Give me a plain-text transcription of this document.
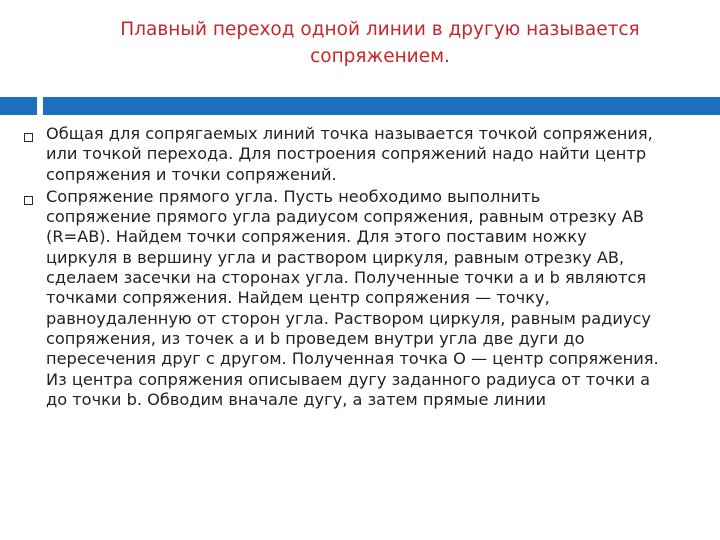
Плавный переход одной линии в другую называется
сопряжением.
Общая для сопрягаемых линий точка называется точкой сопряжения,
или точкой перехода. Для построения сопряжений надо найти центр
сопряжения и точки сопряжений.
Сопряжение прямого угла. Пусть необходимо выполнить
сопряжение прямого угла радиусом сопряжения, равным отрезку AB
(R=AB). Найдем точки сопряжения. Для этого поставим ножку
циркуля в вершину угла и раствором циркуля, равным отрезку AB,
сделаем засечки на сторонах угла. Полученные точки a и b являются
точками сопряжения. Найдем центр сопряжения — точку,
равноудаленную от сторон угла. Раствором циркуля, равным радиусу
сопряжения, из точек a и b проведем внутри угла две дуги до
пересечения друг с другом. Полученная точка O — центр сопряжения.
Из центра сопряжения описываем дугу заданного радиуса от точки a
до точки b. Обводим вначале дугу, а затем прямые линии
